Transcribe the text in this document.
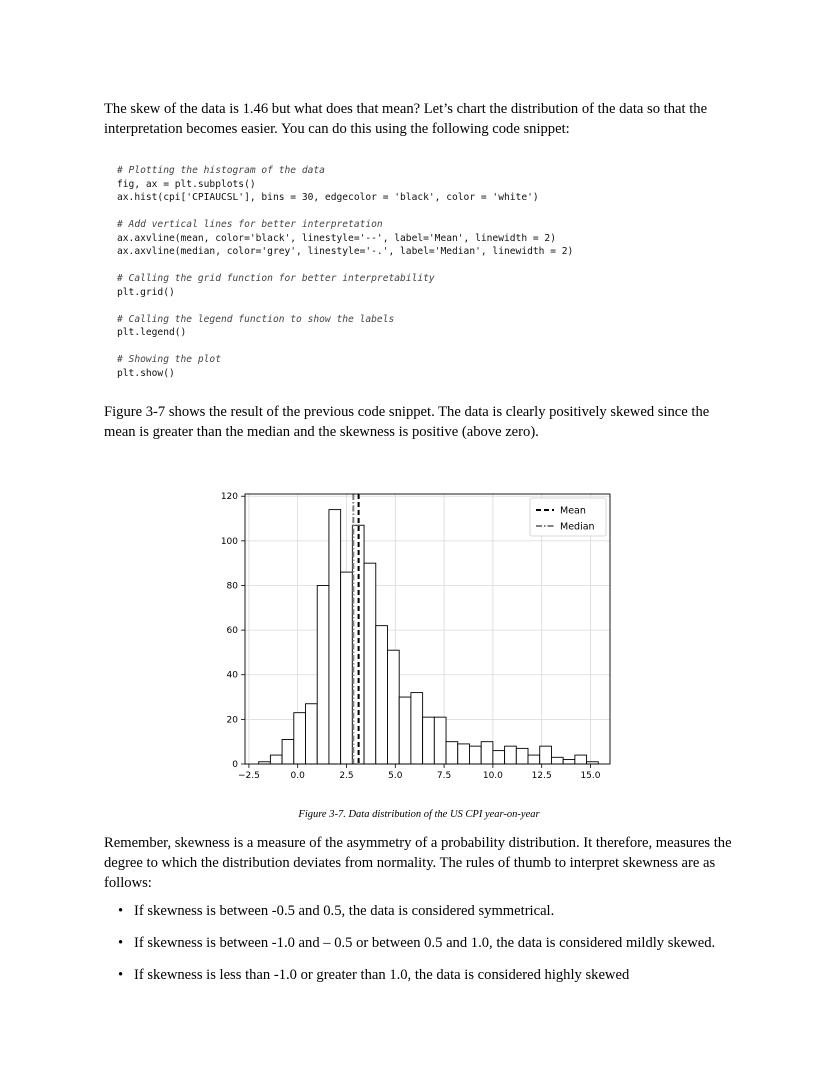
The skew of the data is 1.46 but what does that mean? Let’s chart the distribution of the data so that the interpretation becomes easier. You can do this using the following code snippet:

# Plotting the histogram of the data
fig, ax = plt.subplots()
ax.hist(cpi['CPIAUCSL'], bins = 30, edgecolor = 'black', color = 'white')
# Add vertical lines for better interpretation
ax.axvline(mean, color='black', linestyle='--', label='Mean', linewidth = 2)
ax.axvline(median, color='grey', linestyle='-.', label='Median', linewidth = 2)
# Calling the grid function for better interpretability
plt.grid()
# Calling the legend function to show the labels
plt.legend()
# Showing the plot
plt.show()

Figure 3-7 shows the result of the previous code snippet. The data is clearly positively skewed since the mean is greater than the median and the skewness is positive (above zero).

−2.5	0.0	2.5	5.0	7.5	10.0	12.5	15.0
0
20
40
60
80
100
120
Mean
Median
Figure 3-7. Data distribution of the US CPI year-on-year

Remember, skewness is a measure of the asymmetry of a probability distribution. It therefore, measures the degree to which the distribution deviates from normality. The rules of thumb to interpret skewness are as follows:

• If skewness is between -0.5 and 0.5, the data is considered symmetrical.
• If skewness is between -1.0 and – 0.5 or between 0.5 and 1.0, the data is considered mildly skewed.
• If skewness is less than -1.0 or greater than 1.0, the data is considered highly skewed
